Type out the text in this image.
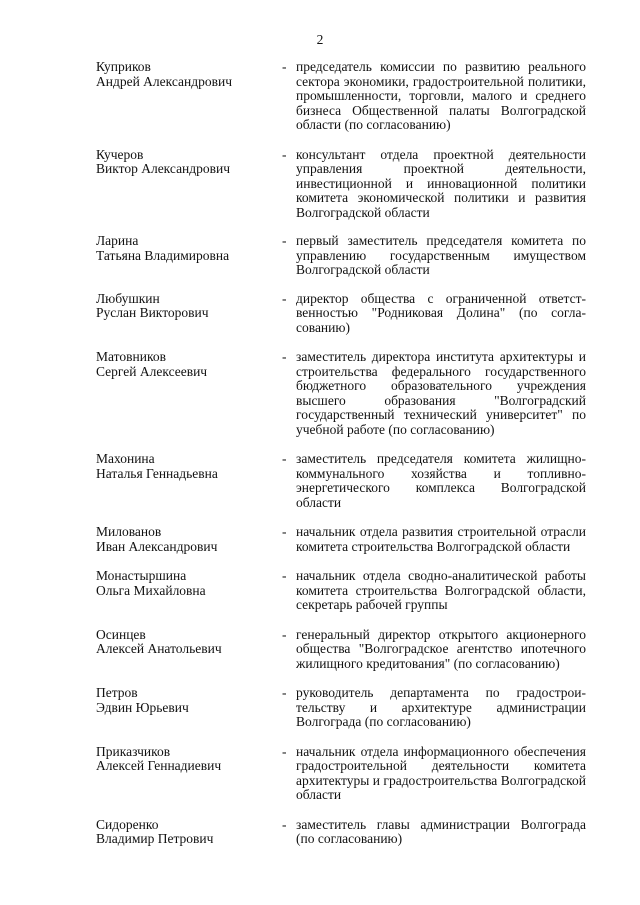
2
Куприков
Андрей Александрович
- председатель комиссии по развитию реального сектора экономики, градостроительной политики, промышленности, торговли, малого и среднего бизнеса Общественной палаты Волгоградской области (по согласованию)
Кучеров
Виктор Александрович
- консультант отдела проектной деятельности управления проектной деятельности, инвестиционной и инновационной политики комитета экономической политики и развития Волгоградской области
Ларина
Татьяна Владимировна
- первый заместитель председателя комитета по управлению государственным имуществом Волгоградской области
Любушкин
Руслан Викторович
- директор общества с ограниченной ответственностью "Родниковая Долина" (по согласованию)
Матовников
Сергей Алексеевич
- заместитель директора института архитектуры и строительства федерального государственного бюджетного образовательного учреждения высшего образования "Волгоградский государственный технический университет" по учебной работе (по согласованию)
Махонина
Наталья Геннадьевна
- заместитель председателя комитета жилищно-коммунального хозяйства и топливно-энергетического комплекса Волгоградской области
Милованов
Иван Александрович
- начальник отдела развития строительной отрасли комитета строительства Волгоградской области
Монастыршина
Ольга Михайловна
- начальник отдела сводно-аналитической работы комитета строительства Волгоградской области, секретарь рабочей группы
Осинцев
Алексей Анатольевич
- генеральный директор открытого акционерного общества "Волгоградское агентство ипотечного жилищного кредитования" (по согласованию)
Петров
Эдвин Юрьевич
- руководитель департамента по градостроительству и архитектуре администрации Волгограда (по согласованию)
Приказчиков
Алексей Геннадиевич
- начальник отдела информационного обеспечения градостроительной деятельности комитета архитектуры и градостроительства Волгоградской области
Сидоренко
Владимир Петрович
- заместитель главы администрации Волгограда (по согласованию)
